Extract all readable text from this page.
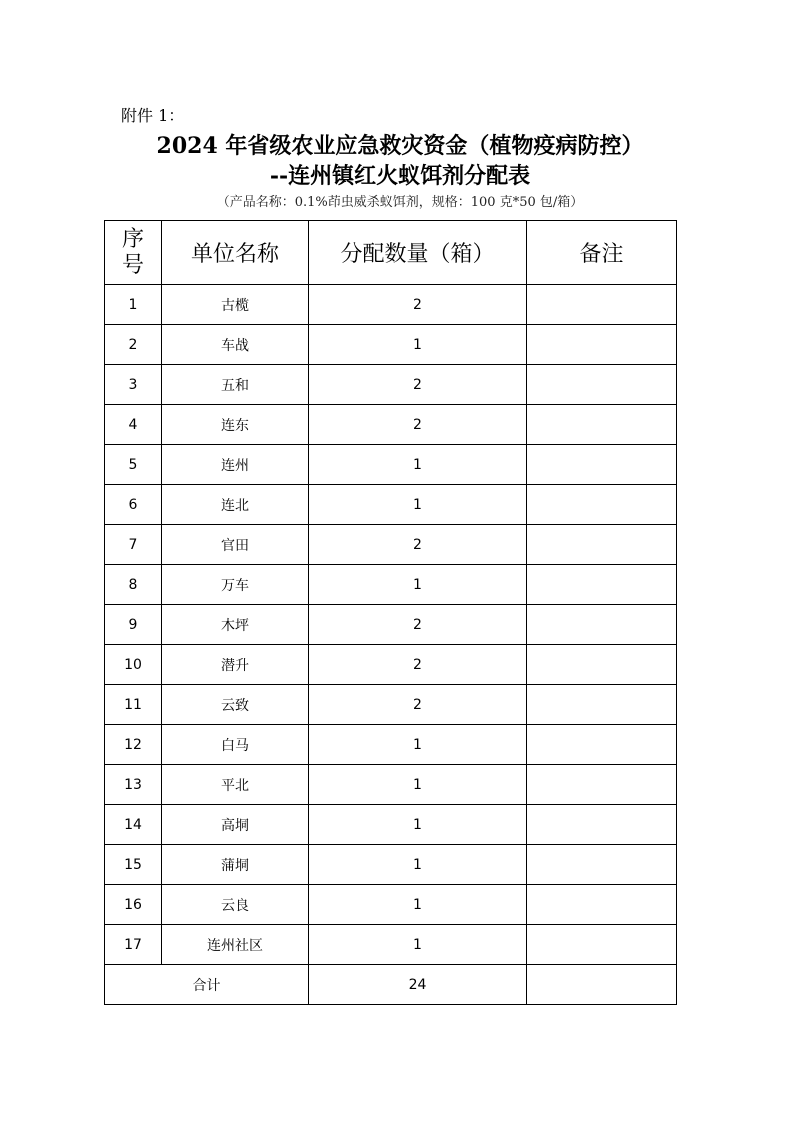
附件 1：
2024 年省级农业应急救灾资金（植物疫病防控）
--连州镇红火蚁饵剂分配表
（产品名称：0.1%茚虫威杀蚁饵剂，规格：100 克*50 包/箱）
序
号	单位名称	分配数量（箱）	备注
1	古榄	2	
2	车战	1	
3	五和	2	
4	连东	2	
5	连州	1	
6	连北	1	
7	官田	2	
8	万车	1	
9	木坪	2	
10	潜升	2	
11	云致	2	
12	白马	1	
13	平北	1	
14	高垌	1	
15	蒲垌	1	
16	云良	1	
17	连州社区	1	
合计		24	
